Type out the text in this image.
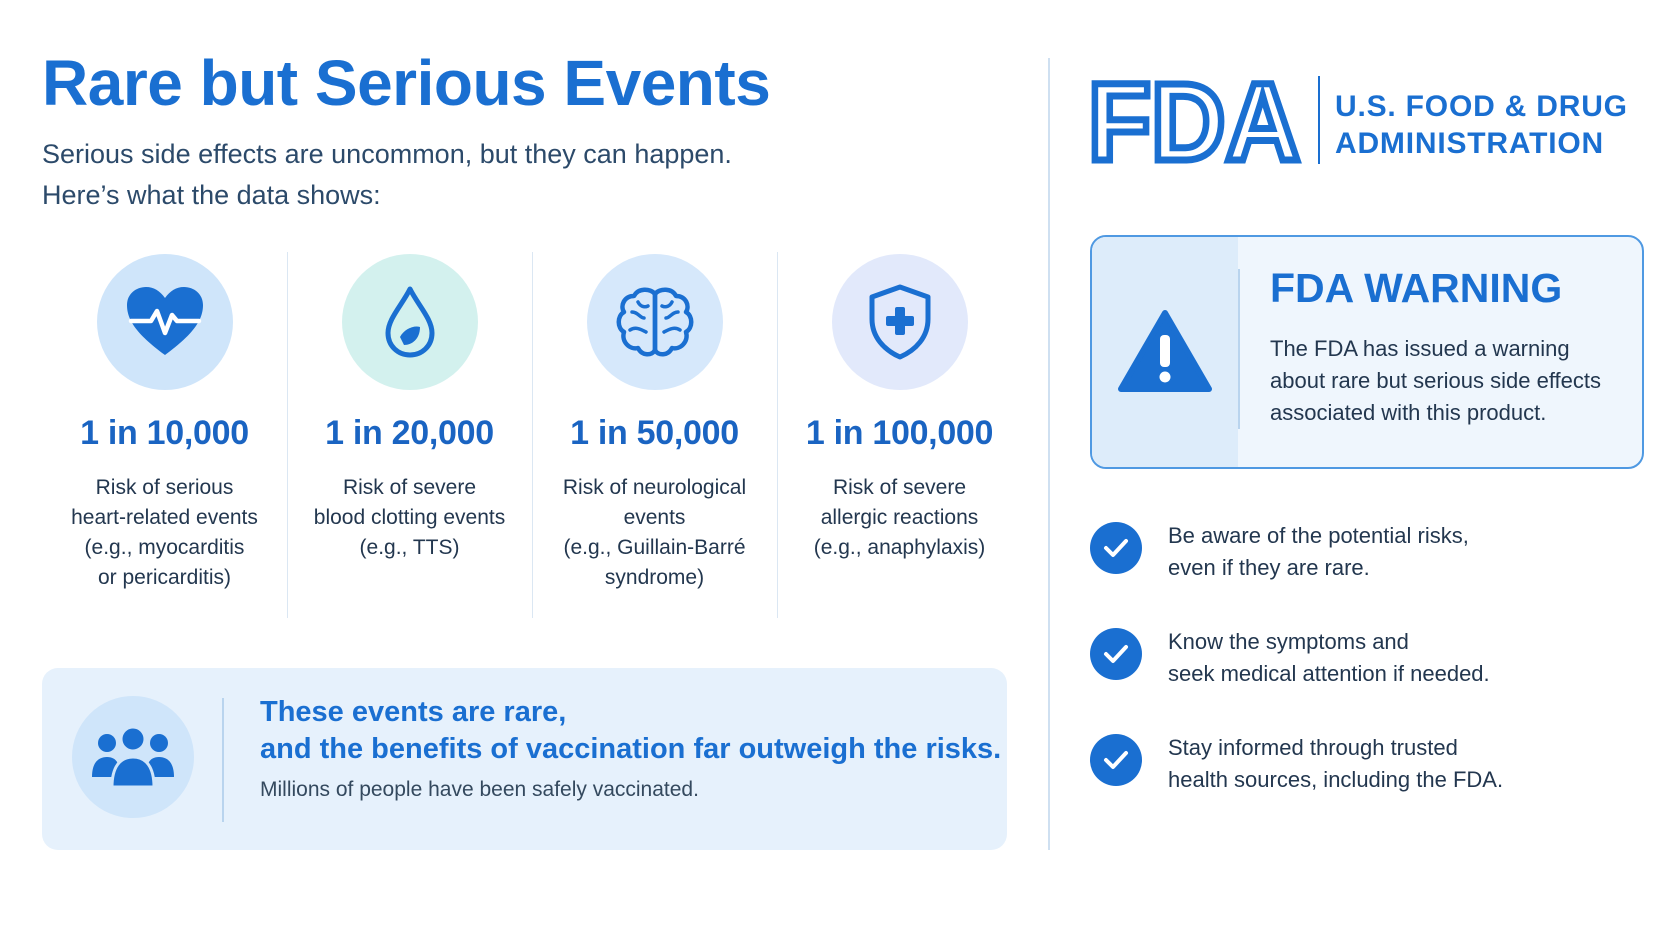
Rare but Serious Events
Serious side effects are uncommon, but they can happen.
Here’s what the data shows:
1 in 10,000
Risk of serious
heart-related events
(e.g., myocarditis
or pericarditis)
1 in 20,000
Risk of severe
blood clotting events
(e.g., TTS)
1 in 50,000
Risk of neurological
events
(e.g., Guillain-Barré
syndrome)
1 in 100,000
Risk of severe
allergic reactions
(e.g., anaphylaxis)
These events are rare,
and the benefits of vaccination far outweigh the risks.
Millions of people have been safely vaccinated.
FDA U.S. FOOD & DRUG
ADMINISTRATION
FDA WARNING
The FDA has issued a warning
about rare but serious side effects
associated with this product.
Be aware of the potential risks,
even if they are rare.
Know the symptoms and
seek medical attention if needed.
Stay informed through trusted
health sources, including the FDA.
